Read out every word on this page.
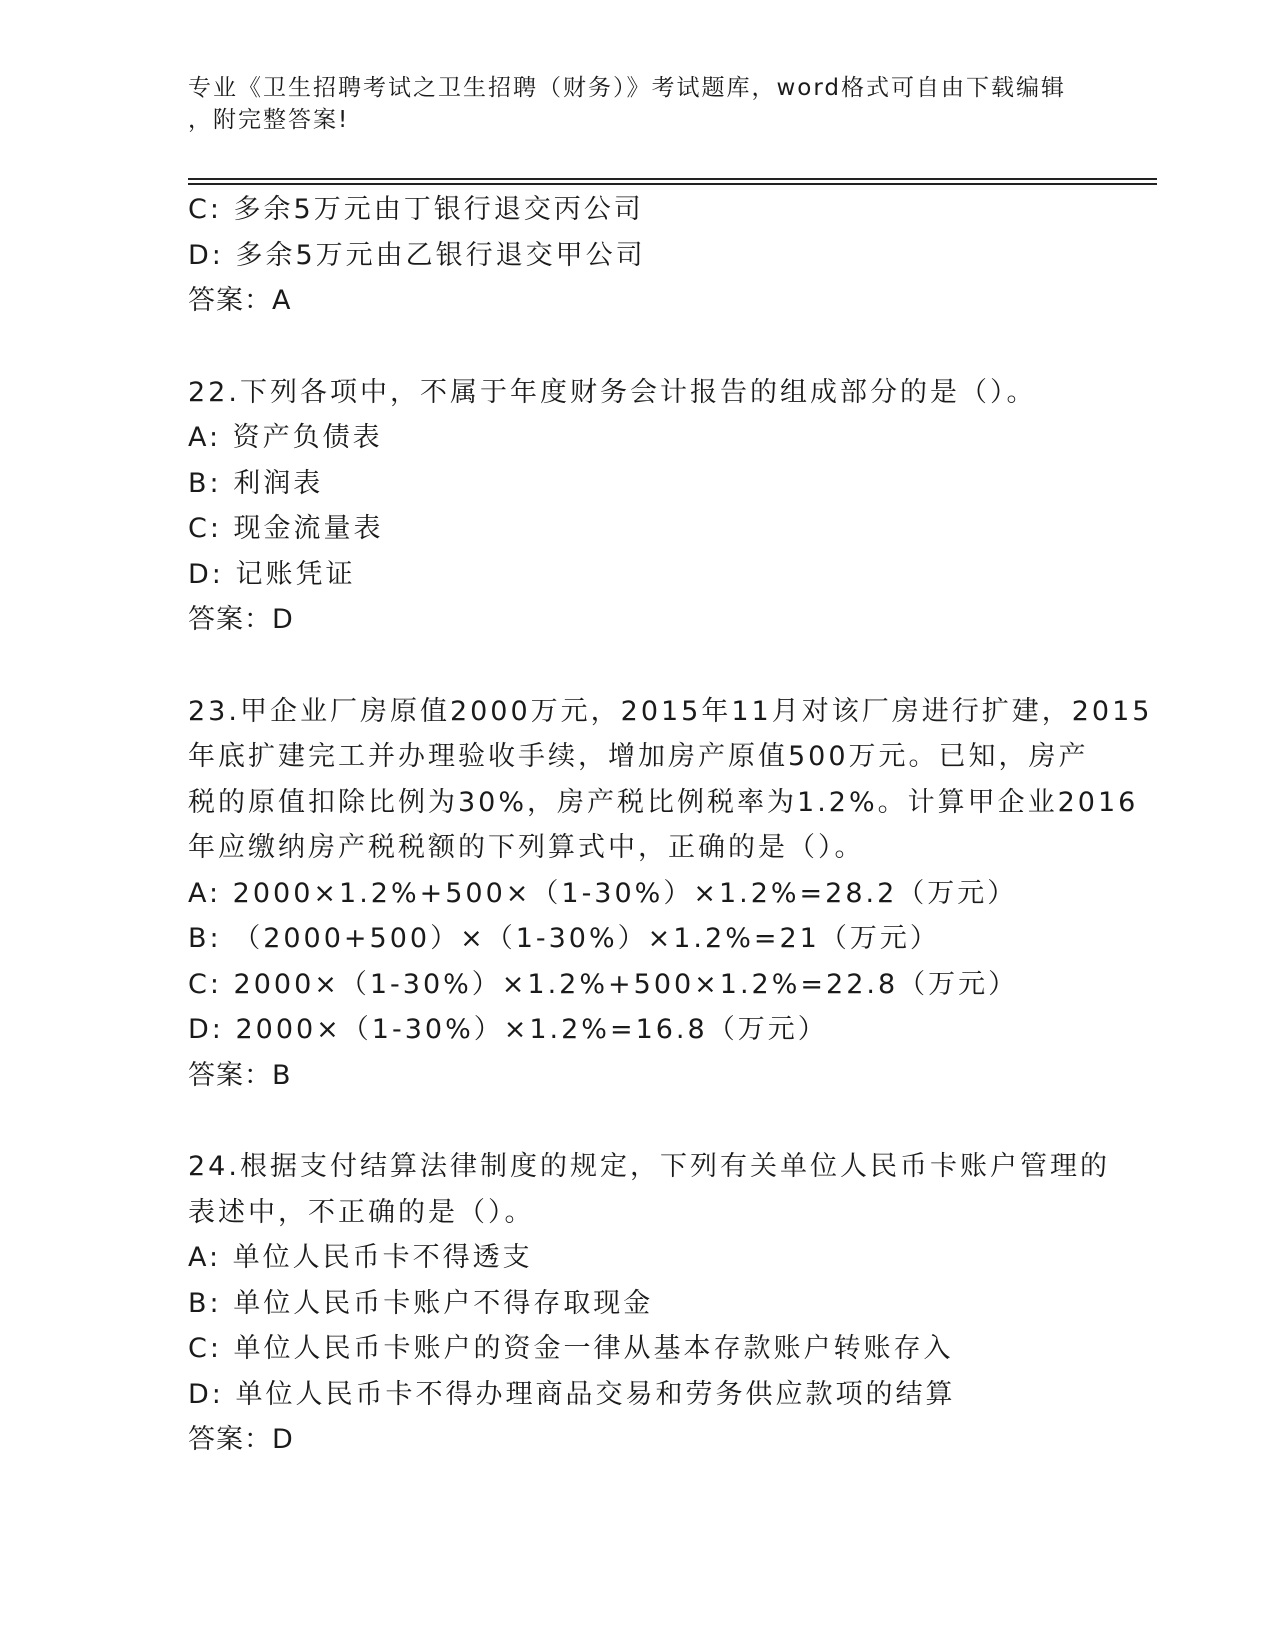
专业《卫生招聘考试之卫生招聘（财务）》考试题库，word格式可自由下载编辑
，附完整答案!
C: 多余5万元由丁银行退交丙公司
D: 多余5万元由乙银行退交甲公司
答案：A
22.下列各项中，不属于年度财务会计报告的组成部分的是（）。
A: 资产负债表
B: 利润表
C: 现金流量表
D: 记账凭证
答案：D
23.甲企业厂房原值2000万元，2015年11月对该厂房进行扩建，2015
年底扩建完工并办理验收手续，增加房产原值500万元。已知，房产
税的原值扣除比例为30%，房产税比例税率为1.2%。计算甲企业2016
年应缴纳房产税税额的下列算式中，正确的是（）。
A: 2000×1.2%+500×（1-30%）×1.2%=28.2（万元）
B: （2000+500）×（1-30%）×1.2%=21（万元）
C: 2000×（1-30%）×1.2%+500×1.2%=22.8（万元）
D: 2000×（1-30%）×1.2%=16.8（万元）
答案：B
24.根据支付结算法律制度的规定，下列有关单位人民币卡账户管理的
表述中，不正确的是（）。
A: 单位人民币卡不得透支
B: 单位人民币卡账户不得存取现金
C: 单位人民币卡账户的资金一律从基本存款账户转账存入
D: 单位人民币卡不得办理商品交易和劳务供应款项的结算
答案：D
